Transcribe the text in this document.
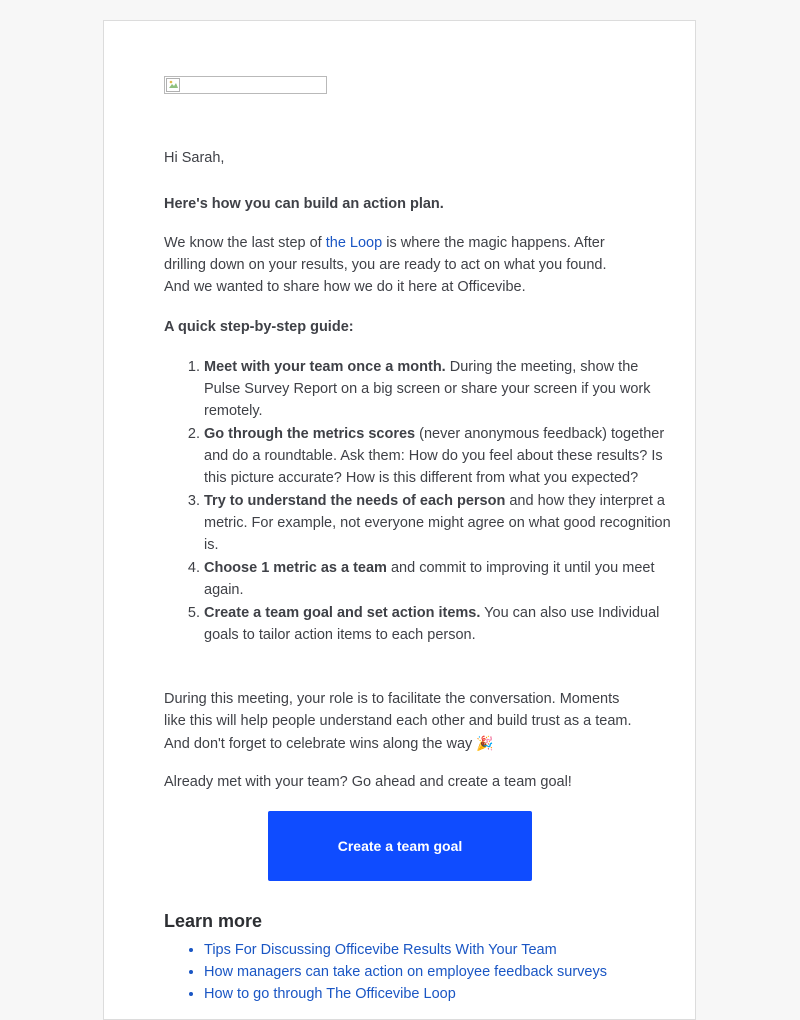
Hi Sarah,
Here's how you can build an action plan.
We know the last step of the Loop is where the magic happens. After drilling down on your results, you are ready to act on what you found. And we wanted to share how we do it here at Officevibe.
A quick step-by-step guide:
1. Meet with your team once a month. During the meeting, show the Pulse Survey Report on a big screen or share your screen if you work remotely.
2. Go through the metrics scores (never anonymous feedback) together and do a roundtable. Ask them: How do you feel about these results? Is this picture accurate? How is this different from what you expected?
3. Try to understand the needs of each person and how they interpret a metric. For example, not everyone might agree on what good recognition is.
4. Choose 1 metric as a team and commit to improving it until you meet again.
5. Create a team goal and set action items. You can also use Individual goals to tailor action items to each person.
During this meeting, your role is to facilitate the conversation. Moments like this will help people understand each other and build trust as a team. And don't forget to celebrate wins along the way 🎉
Already met with your team? Go ahead and create a team goal!
Create a team goal
Learn more
• Tips For Discussing Officevibe Results With Your Team
• How managers can take action on employee feedback surveys
• How to go through The Officevibe Loop
